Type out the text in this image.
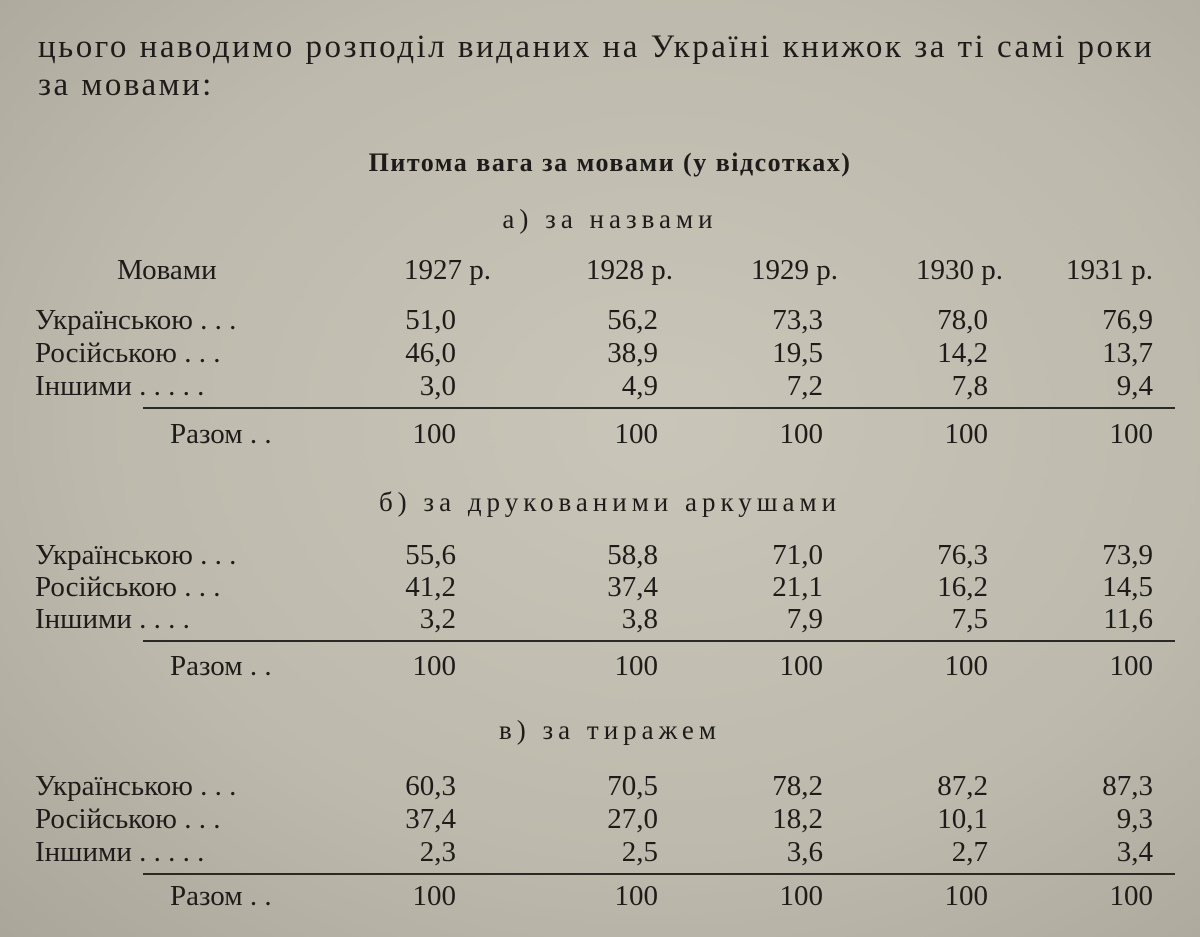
цього наводимо розподіл виданих на Україні книжок за ті самі роки за мовами:
Питома вага за мовами (у відсотках)
Мовами	1927 р.	1928 р.	1929 р.	1930 р.	1931 р.
а) за назвами
Українською . . .	51,0	56,2	73,3	78,0	76,9
Російською . . .	46,0	38,9	19,5	14,2	13,7
Іншими . . . . .	3,0	4,9	7,2	7,8	9,4
Разом . .	100	100	100	100	100
б) за друкованими аркушами
Українською . . .	55,6	58,8	71,0	76,3	73,9
Російською . . .	41,2	37,4	21,1	16,2	14,5
Іншими . . . .	3,2	3,8	7,9	7,5	11,6
Разом . .	100	100	100	100	100
в) за тиражем
Українською . . .	60,3	70,5	78,2	87,2	87,3
Російською . . .	37,4	27,0	18,2	10,1	9,3
Іншими . . . . .	2,3	2,5	3,6	2,7	3,4
Разом . .	100	100	100	100	100
